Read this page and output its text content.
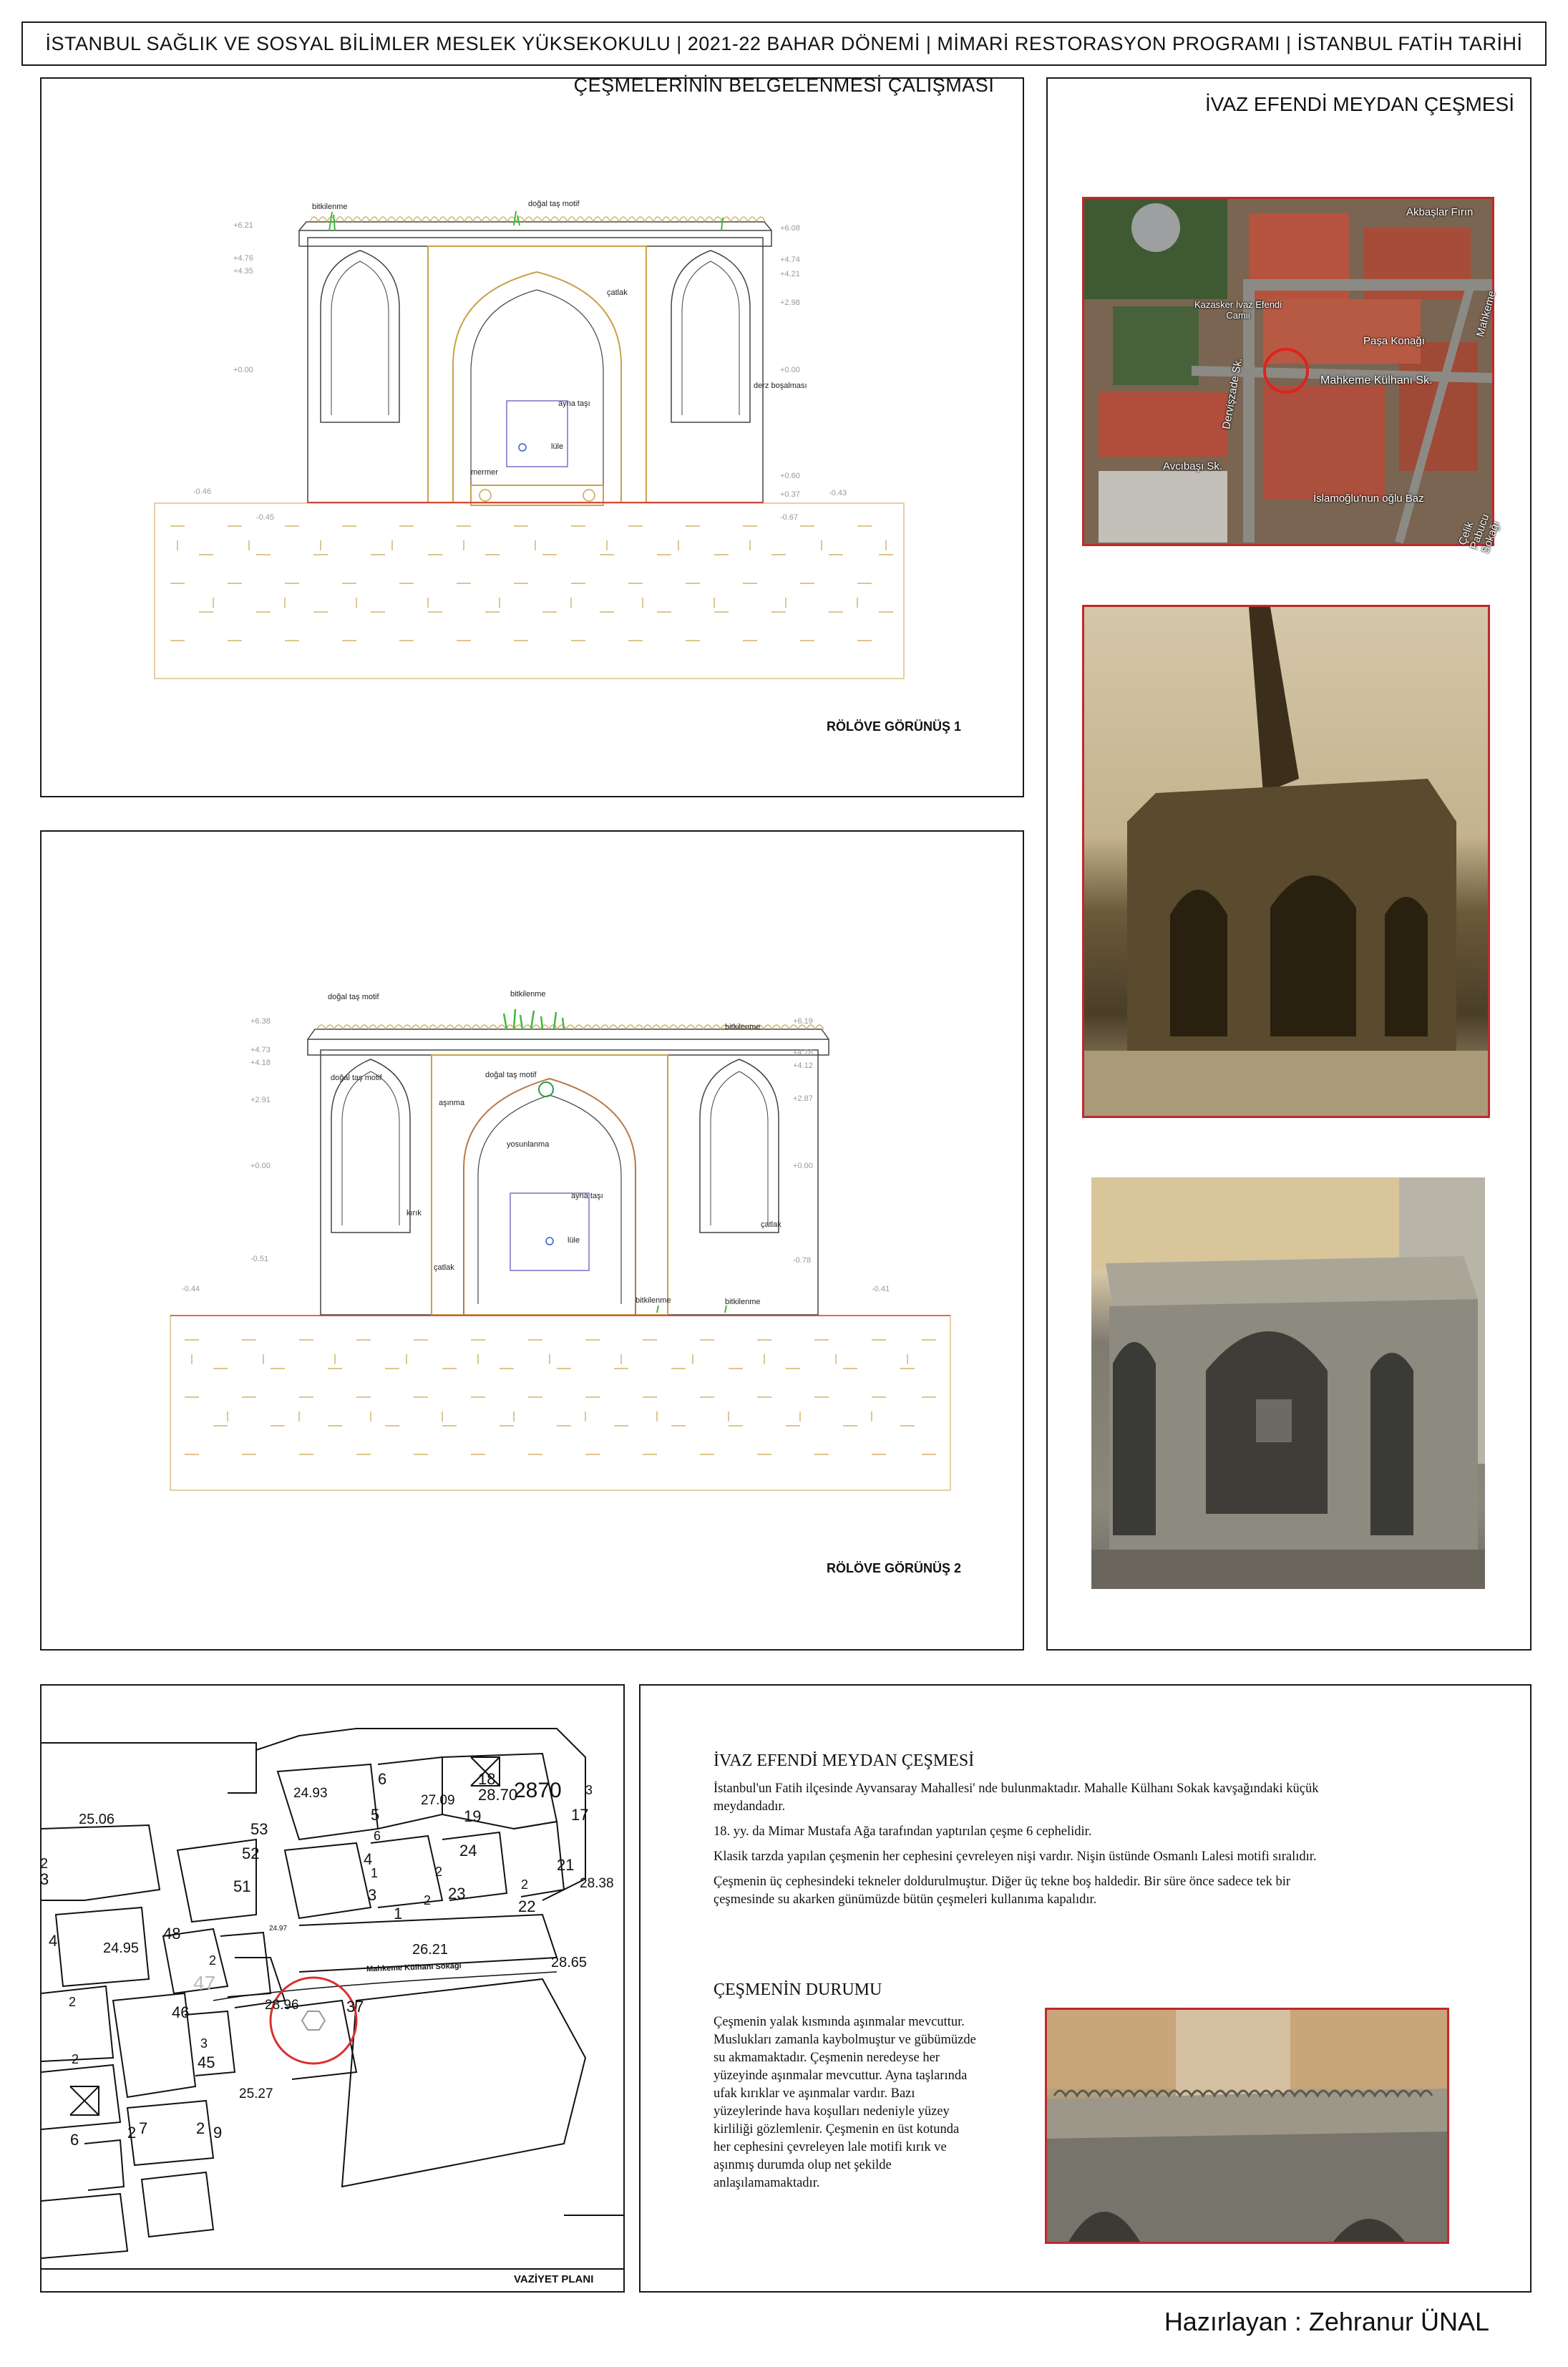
İSTANBUL SAĞLIK VE SOSYAL BİLİMLER MESLEK YÜKSEKOKULU | 2021-22 BAHAR DÖNEMİ | MİMARİ RESTORASYON PROGRAMI | İSTANBUL FATİH TARİHİ ÇEŞMELERİNİN BELGELENMESİ ÇALIŞMASI
bitkilenme	doğal taş motif
çatlak
derz boşalması
ayna taşı
lüle
mermer
+6.21
+4.76
+4.35
+0.00
+6.08
+4.74
+4.21
+2.98
+0.00
+0.60
+0.37	-0.43
-0.46
-0.67
-0.45
RÖLÖVE GÖRÜNÜŞ 1
doğal taş motif	bitkilenme
bitkilenme
doğal taş motif	doğal taş motif
aşınma
yosunlanma
ayna taşı
kırık
lüle
çatlak
çatlak
bitkilenme	bitkilenme
+6.38
+4.73
+4.18
+2.91
+0.00
+6.19
+4.76
+4.12
+2.87
+0.00
-0.51	-0.78
-0.44	-0.41
RÖLÖVE GÖRÜNÜŞ 2
İVAZ EFENDİ MEYDAN ÇEŞMESİ
Akbaşlar Fırın
Kazasker İvaz Efendi Camii
Paşa Konağı
Mahkeme Külhanı Sk.
Dervişzade Sk.
Avcıbaşı Sk.
İslamoğlu'nun oğlu Baz
Çelik Pabucu Sokağı
Mahkeme
28.70
18 2870 3
17
6
24.93	27.09
19
25.06
53
5
52
6
24
21
28.38
4
2
3	51
2
1
3
2
22
2 23
1
48
24.95
4
2
24.97
26.21
28.65
46
47
28.96	37
2
3
45
2
25.27
7	2 9
6	2
Mahkeme Külhanı Sokağı
VAZİYET PLANI
İVAZ EFENDİ MEYDAN ÇEŞMESİ

İstanbul'un Fatih ilçesinde Ayvansaray Mahallesi' nde bulunmaktadır. Mahalle Külhanı Sokak kavşağındaki küçük meydandadır.

18. yy. da Mimar Mustafa Ağa tarafından yaptırılan çeşme 6 cephelidir.

Klasik tarzda yapılan çeşmenin her cephesini çevreleyen nişi vardır. Nişin üstünde Osmanlı Lalesi motifi sıralıdır.

Çeşmenin üç cephesindeki tekneler doldurulmuştur. Diğer üç tekne boş haldedir. Bir süre önce sadece tek bir çeşmesinde su akarken günümüzde bütün çeşmeleri kullanıma kapalıdır.

ÇEŞMENİN DURUMU
Çeşmenin yalak kısmında aşınmalar mevcuttur. Muslukları zamanla kaybolmuştur ve gübümüzde su akmamaktadır. Çeşmenin neredeyse her yüzeyinde aşınmalar mevcuttur. Ayna taşlarında ufak kırıklar ve aşınmalar vardır. Bazı yüzeylerinde hava koşulları nedeniyle yüzey kirliliği gözlemlenir. Çeşmenin en üst kotunda her cephesini çevreleyen lale motifi kırık ve aşınmış durumda olup net şekilde anlaşılamamaktadır.
Hazırlayan : Zehranur ÜNAL
